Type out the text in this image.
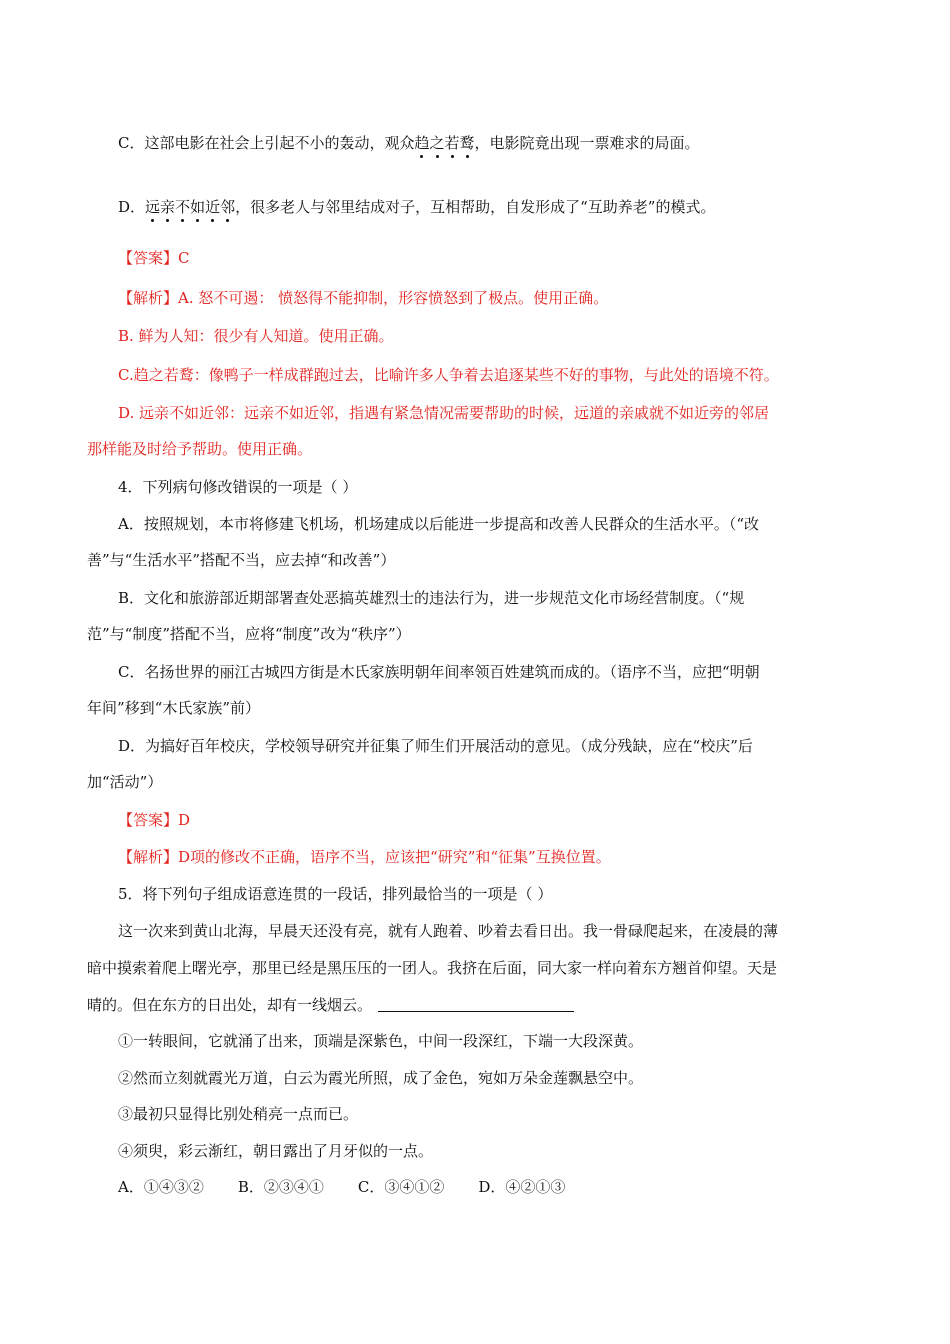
C．这部电影在社会上引起不小的轰动，观众趋之若鹜，电影院竟出现一票难求的局面。
D．远亲不如近邻，很多老人与邻里结成对子，互相帮助，自发形成了“互助养老”的模式。
【答案】C
【解析】A. 怒不可遏： 愤怒得不能抑制，形容愤怒到了极点。使用正确。
B. 鲜为人知：很少有人知道。使用正确。
C.趋之若鹜：像鸭子一样成群跑过去，比喻许多人争着去追逐某些不好的事物，与此处的语境不符。
D. 远亲不如近邻：远亲不如近邻，指遇有紧急情况需要帮助的时候，远道的亲戚就不如近旁的邻居
那样能及时给予帮助。使用正确。
4．下列病句修改错误的一项是（ ）
A．按照规划，本市将修建飞机场，机场建成以后能进一步提高和改善人民群众的生活水平。（“改
善”与“生活水平”搭配不当，应去掉“和改善”）
B．文化和旅游部近期部署查处恶搞英雄烈士的违法行为，进一步规范文化市场经营制度。（“规
范”与“制度”搭配不当，应将“制度”改为“秩序”）
C．名扬世界的丽江古城四方街是木氏家族明朝年间率领百姓建筑而成的。（语序不当，应把“明朝
年间”移到“木氏家族”前）
D．为搞好百年校庆，学校领导研究并征集了师生们开展活动的意见。（成分残缺，应在“校庆”后
加“活动”）
【答案】D
【解析】D项的修改不正确，语序不当，应该把“研究”和“征集”互换位置。
5．将下列句子组成语意连贯的一段话，排列最恰当的一项是（ ）
这一次来到黄山北海，早晨天还没有亮，就有人跑着、吵着去看日出。我一骨碌爬起来，在凌晨的薄
暗中摸索着爬上曙光亭，那里已经是黑压压的一团人。我挤在后面，同大家一样向着东方翘首仰望。天是
晴的。但在东方的日出处，却有一线烟云。
①一转眼间，它就涌了出来，顶端是深紫色，中间一段深红，下端一大段深黄。
②然而立刻就霞光万道，白云为霞光所照，成了金色，宛如万朵金莲飘悬空中。
③最初只显得比别处稍亮一点而已。
④须臾，彩云渐红，朝日露出了月牙似的一点。
A．①④③② B．②③④① C．③④①② D．④②①③
